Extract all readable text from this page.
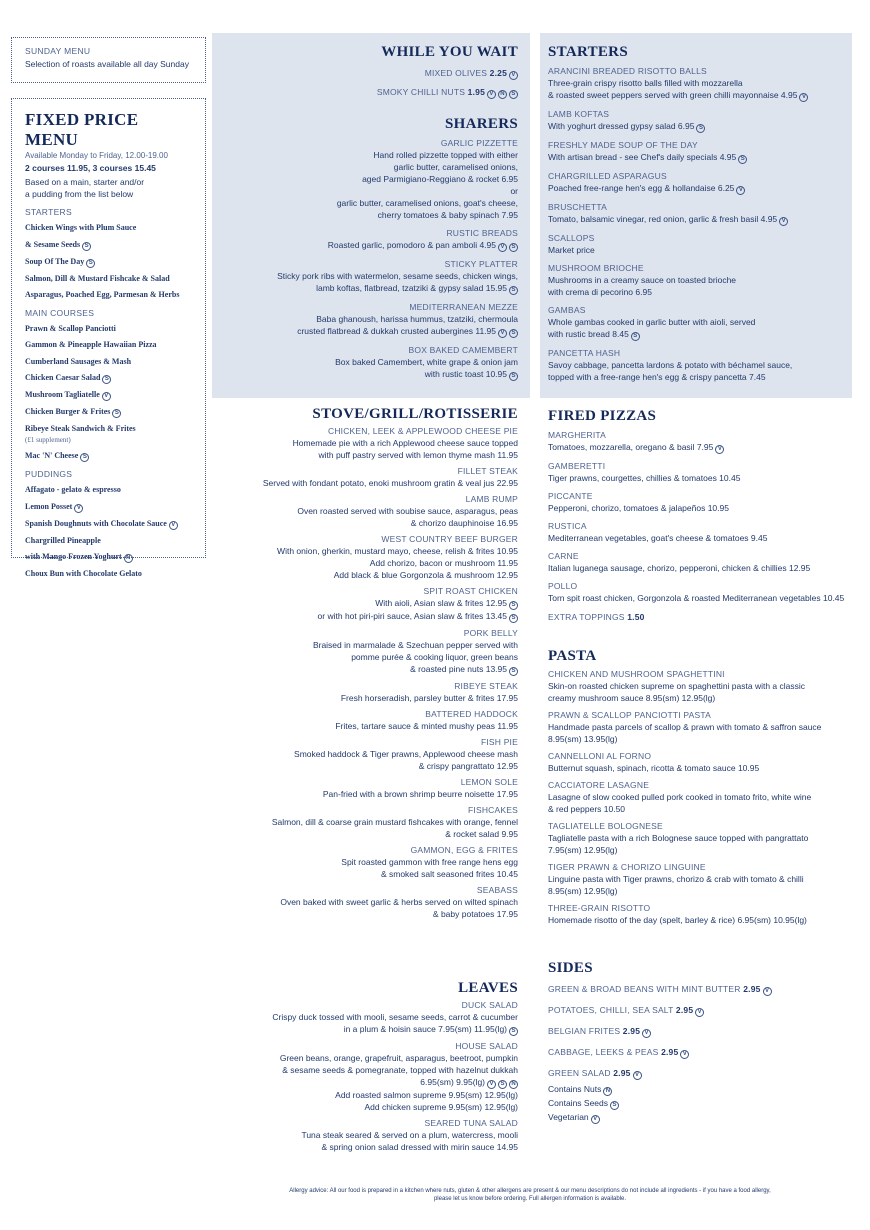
SUNDAY MENU
Selection of roasts available all day Sunday
FIXED PRICE MENU
Available Monday to Friday, 12.00-19.00
2 courses 11.95, 3 courses 15.45
Based on a main, starter and/or
a pudding from the list below
STARTERS
Chicken Wings with Plum Sauce
& Sesame Seeds S
Soup Of The Day S
Salmon, Dill & Mustard Fishcake & Salad
Asparagus, Poached Egg, Parmesan & Herbs
MAIN COURSES
Prawn & Scallop Panciotti
Gammon & Pineapple Hawaiian Pizza
Cumberland Sausages & Mash
Chicken Caesar Salad S
Mushroom Tagliatelle V
Chicken Burger & Frites S
Ribeye Steak Sandwich & Frites
(£1 supplement)
Mac 'N' Cheese S
PUDDINGS
Affagato - gelato & espresso
Lemon Posset V
Spanish Doughnuts with Chocolate Sauce V
Chargrilled Pineapple
with Mango Frozen Yoghurt N
Choux Bun with Chocolate Gelato
WHILE YOU WAIT
MIXED OLIVES 2.25 V
SMOKY CHILLI NUTS 1.95 V N S
SHARERS
GARLIC PIZZETTE
Hand rolled pizzette topped with either
garlic butter, caramelised onions,
aged Parmigiano-Reggiano & rocket 6.95
or
garlic butter, caramelised onions, goat's cheese,
cherry tomatoes & baby spinach 7.95
RUSTIC BREADS
Roasted garlic, pomodoro & pan amboli 4.95 V S
STICKY PLATTER
Sticky pork ribs with watermelon, sesame seeds, chicken wings,
lamb koftas, flatbread, tzatziki & gypsy salad 15.95 S
MEDITERRANEAN MEZZE
Baba ghanoush, harissa hummus, tzatziki, chermoula
crusted flatbread & dukkah crusted aubergines 11.95 V S
BOX BAKED CAMEMBERT
Box baked Camembert, white grape & onion jam
with rustic toast 10.95 S
STARTERS
ARANCINI BREADED RISOTTO BALLS
Three-grain crispy risotto balls filled with mozzarella
& roasted sweet peppers served with green chilli mayonnaise 4.95 V
LAMB KOFTAS
With yoghurt dressed gypsy salad 6.95 S
FRESHLY MADE SOUP OF THE DAY
With artisan bread - see Chef's daily specials 4.95 S
CHARGRILLED ASPARAGUS
Poached free-range hen's egg & hollandaise 6.25 V
BRUSCHETTA
Tomato, balsamic vinegar, red onion, garlic & fresh basil 4.95 V
SCALLOPS
Market price
MUSHROOM BRIOCHE
Mushrooms in a creamy sauce on toasted brioche
with crema di pecorino 6.95
GAMBAS
Whole gambas cooked in garlic butter with aioli, served
with rustic bread 8.45 S
PANCETTA HASH
Savoy cabbage, pancetta lardons & potato with béchamel sauce,
topped with a free-range hen's egg & crispy pancetta 7.45
STOVE/GRILL/ROTISSERIE
CHICKEN, LEEK & APPLEWOOD CHEESE PIE
Homemade pie with a rich Applewood cheese sauce topped
with puff pastry served with lemon thyme mash 11.95
FILLET STEAK
Served with fondant potato, enoki mushroom gratin & veal jus 22.95
LAMB RUMP
Oven roasted served with soubise sauce, asparagus, peas
& chorizo dauphinoise 16.95
WEST COUNTRY BEEF BURGER
With onion, gherkin, mustard mayo, cheese, relish & frites 10.95
Add chorizo, bacon or mushroom 11.95
Add black & blue Gorgonzola & mushroom 12.95
SPIT ROAST CHICKEN
With aioli, Asian slaw & frites 12.95 S
or with hot piri-piri sauce, Asian slaw & frites 13.45 S
PORK BELLY
Braised in marmalade & Szechuan pepper served with
pomme purée & cooking liquor, green beans
& roasted pine nuts 13.95 S
RIBEYE STEAK
Fresh horseradish, parsley butter & frites 17.95
BATTERED HADDOCK
Frites, tartare sauce & minted mushy peas 11.95
FISH PIE
Smoked haddock & Tiger prawns, Applewood cheese mash
& crispy pangrattato 12.95
LEMON SOLE
Pan-fried with a brown shrimp beurre noisette 17.95
FISHCAKES
Salmon, dill & coarse grain mustard fishcakes with orange, fennel
& rocket salad 9.95
GAMMON, EGG & FRITES
Spit roasted gammon with free range hens egg
& smoked salt seasoned frites 10.45
SEABASS
Oven baked with sweet garlic & herbs served on wilted spinach
& baby potatoes 17.95
LEAVES
DUCK SALAD
Crispy duck tossed with mooli, sesame seeds, carrot & cucumber
in a plum & hoisin sauce 7.95(sm) 11.95(lg) S
HOUSE SALAD
Green beans, orange, grapefruit, asparagus, beetroot, pumpkin
& sesame seeds & pomegranate, topped with hazelnut dukkah
6.95(sm) 9.95(lg) V S N
Add roasted salmon supreme 9.95(sm) 12.95(lg)
Add chicken supreme 9.95(sm) 12.95(lg)
SEARED TUNA SALAD
Tuna steak seared & served on a plum, watercress, mooli
& spring onion salad dressed with mirin sauce 14.95
FIRED PIZZAS
MARGHERITA
Tomatoes, mozzarella, oregano & basil 7.95 V
GAMBERETTI
Tiger prawns, courgettes, chillies & tomatoes 10.45
PICCANTE
Pepperoni, chorizo, tomatoes & jalapeños 10.95
RUSTICA
Mediterranean vegetables, goat's cheese & tomatoes 9.45
CARNE
Italian luganega sausage, chorizo, pepperoni, chicken & chillies 12.95
POLLO
Torn spit roast chicken, Gorgonzola & roasted Mediterranean vegetables 10.45
EXTRA TOPPINGS 1.50
PASTA
CHICKEN AND MUSHROOM SPAGHETTINI
Skin-on roasted chicken supreme on spaghettini pasta with a classic
creamy mushroom sauce 8.95(sm) 12.95(lg)
PRAWN & SCALLOP PANCIOTTI PASTA
Handmade pasta parcels of scallop & prawn with tomato & saffron sauce
8.95(sm) 13.95(lg)
CANNELLONI AL FORNO
Butternut squash, spinach, ricotta & tomato sauce 10.95
CACCIATORE LASAGNE
Lasagne of slow cooked pulled pork cooked in tomato frito, white wine
& red peppers 10.50
TAGLIATELLE BOLOGNESE
Tagliatelle pasta with a rich Bolognese sauce topped with pangrattato
7.95(sm) 12.95(lg)
TIGER PRAWN & CHORIZO LINGUINE
Linguine pasta with Tiger prawns, chorizo & crab with tomato & chilli
8.95(sm) 12.95(lg)
THREE-GRAIN RISOTTO
Homemade risotto of the day (spelt, barley & rice) 6.95(sm) 10.95(lg)
SIDES
GREEN & BROAD BEANS WITH MINT BUTTER 2.95 V
POTATOES, CHILLI, SEA SALT 2.95 V
BELGIAN FRITES 2.95 V
CABBAGE, LEEKS & PEAS 2.95 V
GREEN SALAD 2.95 V
Contains Nuts N
Contains Seeds S
Vegetarian V
Allergy advice: All our food is prepared in a kitchen where nuts, gluten & other allergens are present & our menu descriptions do not include all ingredients - if you have a food allergy,
please let us know before ordering. Full allergen information is available.
